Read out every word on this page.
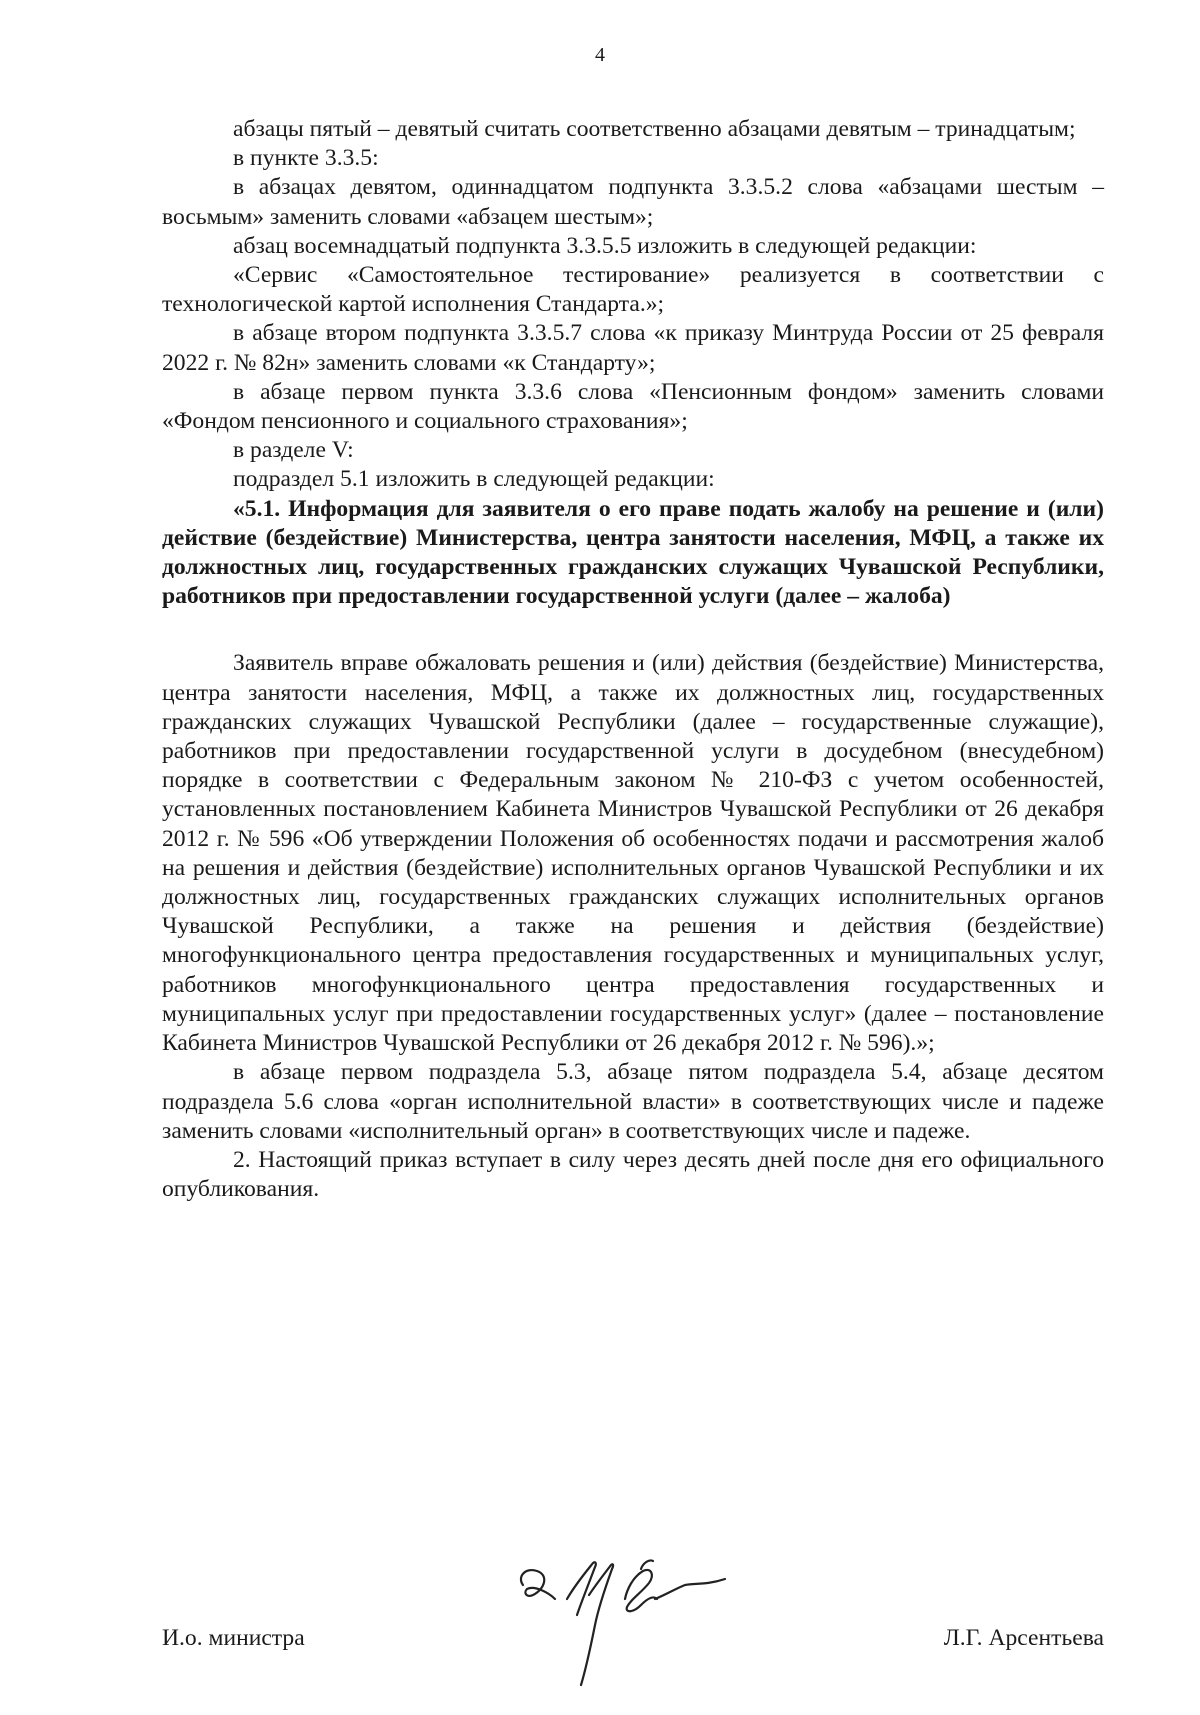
4

абзацы пятый – девятый считать соответственно абзацами девятым – тринадцатым;

в пункте 3.3.5:

в абзацах девятом, одиннадцатом подпункта 3.3.5.2 слова «абзацами шестым – восьмым» заменить словами «абзацем шестым»;

абзац восемнадцатый подпункта 3.3.5.5 изложить в следующей редакции:

«Сервис «Самостоятельное тестирование» реализуется в соответствии с технологической картой исполнения Стандарта.»;

в абзаце втором подпункта 3.3.5.7 слова «к приказу Минтруда России от 25 февраля 2022 г. № 82н» заменить словами «к Стандарту»;

в абзаце первом пункта 3.3.6 слова «Пенсионным фондом» заменить словами «Фондом пенсионного и социального страхования»;

в разделе V:

подраздел 5.1 изложить в следующей редакции:

«5.1. Информация для заявителя о его праве подать жалобу на решение и (или) действие (бездействие) Министерства, центра занятости населения, МФЦ, а также их должностных лиц, государственных гражданских служащих Чувашской Республики, работников при предоставлении государственной услуги (далее – жалоба)

Заявитель вправе обжаловать решения и (или) действия (бездействие) Министерства, центра занятости населения, МФЦ, а также их должностных лиц, государственных гражданских служащих Чувашской Республики (далее – государственные служащие), работников при предоставлении государственной услуги в досудебном (внесудебном) порядке в соответствии с Федеральным законом № 210-ФЗ с учетом особенностей, установленных постановлением Кабинета Министров Чувашской Республики от 26 декабря 2012 г. № 596 «Об утверждении Положения об особенностях подачи и рассмотрения жалоб на решения и действия (бездействие) исполнительных органов Чувашской Республики и их должностных лиц, государственных гражданских служащих исполнительных органов Чувашской Республики, а также на решения и действия (бездействие) многофункционального центра предоставления государственных и муниципальных услуг, работников многофункционального центра предоставления государственных и муниципальных услуг при предоставлении государственных услуг» (далее – постановление Кабинета Министров Чувашской Республики от 26 декабря 2012 г. № 596).»;

в абзаце первом подраздела 5.3, абзаце пятом подраздела 5.4, абзаце десятом подраздела 5.6 слова «орган исполнительной власти» в соответствующих числе и падеже заменить словами «исполнительный орган» в соответствующих числе и падеже.

2. Настоящий приказ вступает в силу через десять дней после дня его официального опубликования.

И.о. министра	Л.Г. Арсентьева
